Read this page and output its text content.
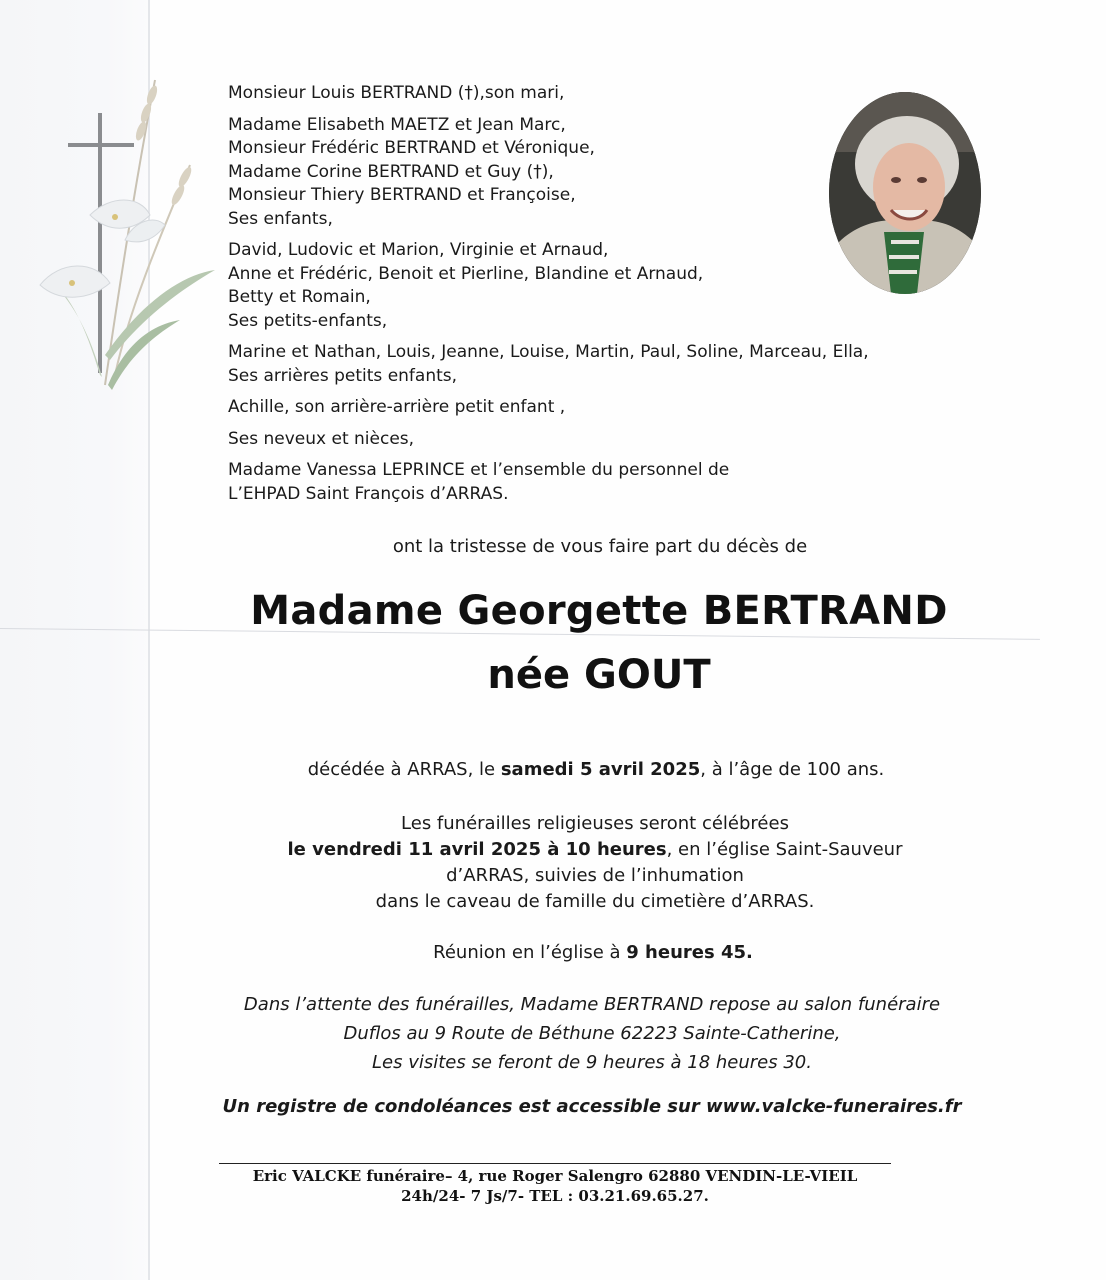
Monsieur Louis BERTRAND (†),son mari,
Madame Elisabeth MAETZ et Jean Marc,
Monsieur Frédéric BERTRAND et Véronique,
Madame Corine BERTRAND et Guy (†),
Monsieur Thiery BERTRAND et Françoise,
Ses enfants,
David, Ludovic et Marion, Virginie et Arnaud,
Anne et Frédéric, Benoit et Pierline, Blandine et Arnaud,
Betty et Romain,
Ses petits-enfants,
Marine et Nathan, Louis, Jeanne, Louise, Martin, Paul, Soline, Marceau, Ella,
Ses arrières petits enfants,
Achille, son arrière-arrière petit enfant ,
Ses neveux et nièces,
Madame Vanessa LEPRINCE et l’ensemble du personnel de
L’EHPAD Saint François d’ARRAS.
ont la tristesse de vous faire part du décès de
Madame Georgette BERTRAND
née GOUT
décédée à ARRAS, le samedi 5 avril 2025, à l’âge de 100 ans.
Les funérailles religieuses seront célébrées
le vendredi 11 avril 2025 à 10 heures, en l’église Saint-Sauveur
d’ARRAS, suivies de l’inhumation
dans le caveau de famille du cimetière d’ARRAS.
Réunion en l’église à 9 heures 45.
Dans l’attente des funérailles, Madame BERTRAND repose au salon funéraire
Duflos au 9 Route de Béthune 62223 Sainte-Catherine,
Les visites se feront de 9 heures à 18 heures 30.
Un registre de condoléances est accessible sur www.valcke-funeraires.fr
Eric VALCKE funéraire– 4, rue Roger Salengro 62880 VENDIN-LE-VIEIL
24h/24- 7 Js/7- TEL : 03.21.69.65.27.
